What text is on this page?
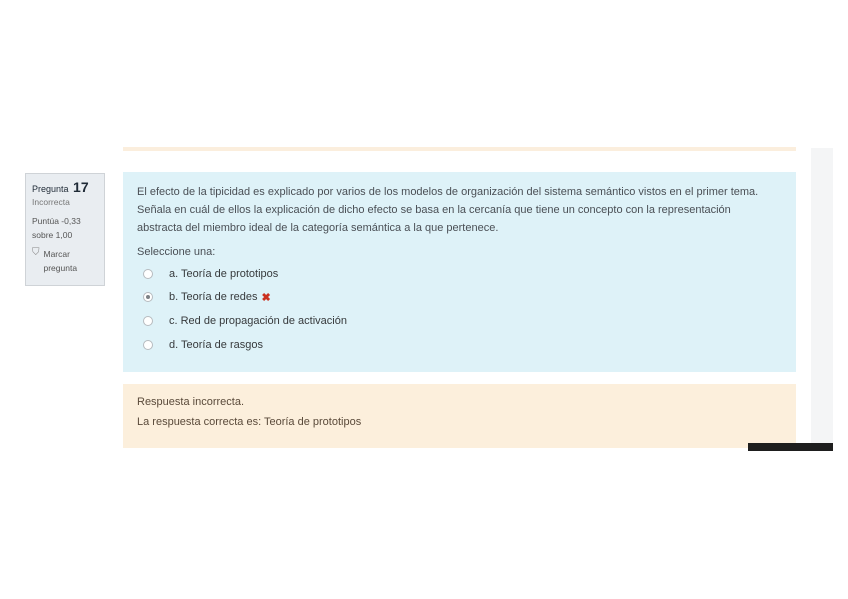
Pregunta 17
Incorrecta
Puntúa -0,33
sobre 1,00
⛉ Marcar
pregunta
El efecto de la tipicidad es explicado por varios de los modelos de organización del sistema semántico vistos en el primer tema.
Señala en cuál de ellos la explicación de dicho efecto se basa en la cercanía que tiene un concepto con la representación
abstracta del miembro ideal de la categoría semántica a la que pertenece.
Seleccione una:
a. Teoría de prototipos
b. Teoría de redes ✖
c. Red de propagación de activación
d. Teoría de rasgos

Respuesta incorrecta.

La respuesta correcta es: Teoría de prototipos
